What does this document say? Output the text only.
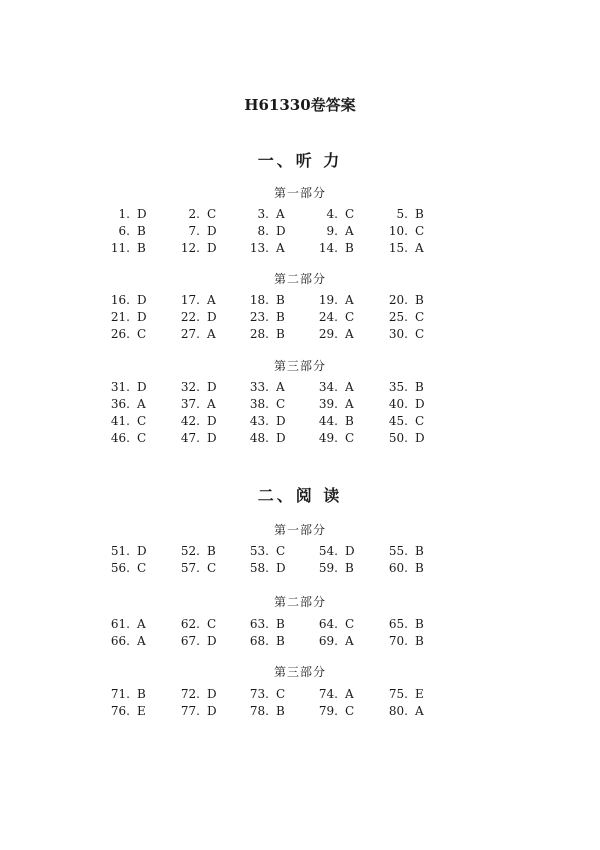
H61330卷答案
一、听 力
第一部分
1. D	2. C	3. A	4. C	5. B
6. B	7. D	8. D	9. A	10. C
11. B	12. D	13. A	14. B	15. A
第二部分
16. D	17. A	18. B	19. A	20. B
21. D	22. D	23. B	24. C	25. C
26. C	27. A	28. B	29. A	30. C
第三部分
31. D	32. D	33. A	34. A	35. B
36. A	37. A	38. C	39. A	40. D
41. C	42. D	43. D	44. B	45. C
46. C	47. D	48. D	49. C	50. D
二、阅 读
第一部分
51. D	52. B	53. C	54. D	55. B
56. C	57. C	58. D	59. B	60. B
第二部分
61. A	62. C	63. B	64. C	65. B
66. A	67. D	68. B	69. A	70. B
第三部分
71. B	72. D	73. C	74. A	75. E
76. E	77. D	78. B	79. C	80. A
